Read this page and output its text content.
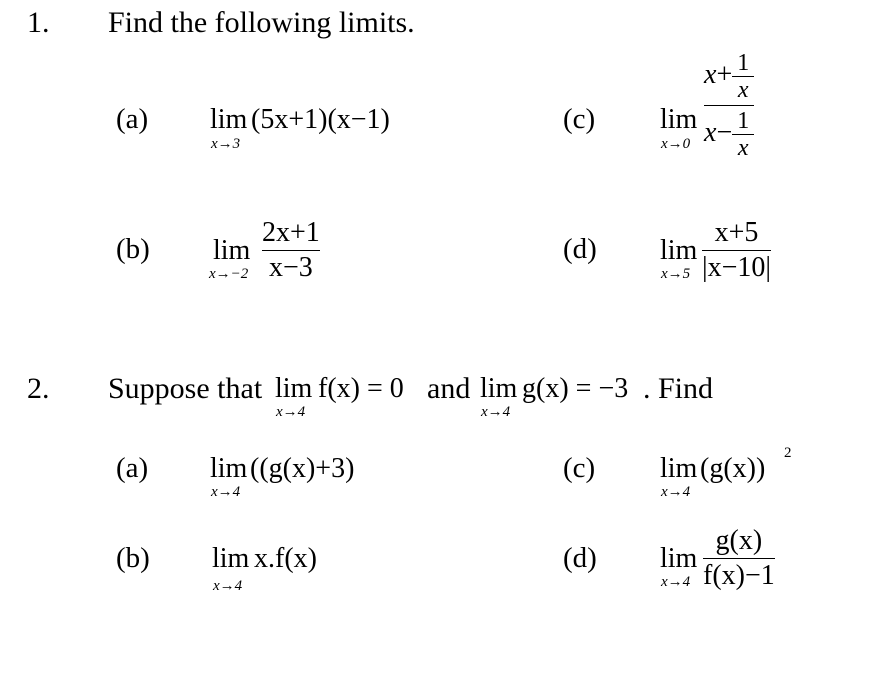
1. Find the following limits.
(a) lim
x→3
(5x+1)(x−1)	(c) lim
x→0
$x+ \frac{1}{x}$
$x- \frac{1}{x}$
(b) lim
x→−2
2x+1
x−3
(d) lim
x→5
x+5
|x−10|
2. Suppose that lim
x→4
f(x) = 0 and lim
x→4
g(x) = −3 . Find
(a) lim
x→4
((g(x)+3)	(c) lim
x→4
(g(x)) 2
(b) lim
x→4
x.f(x)	(d) lim
x→4
g(x)
f(x)−1
